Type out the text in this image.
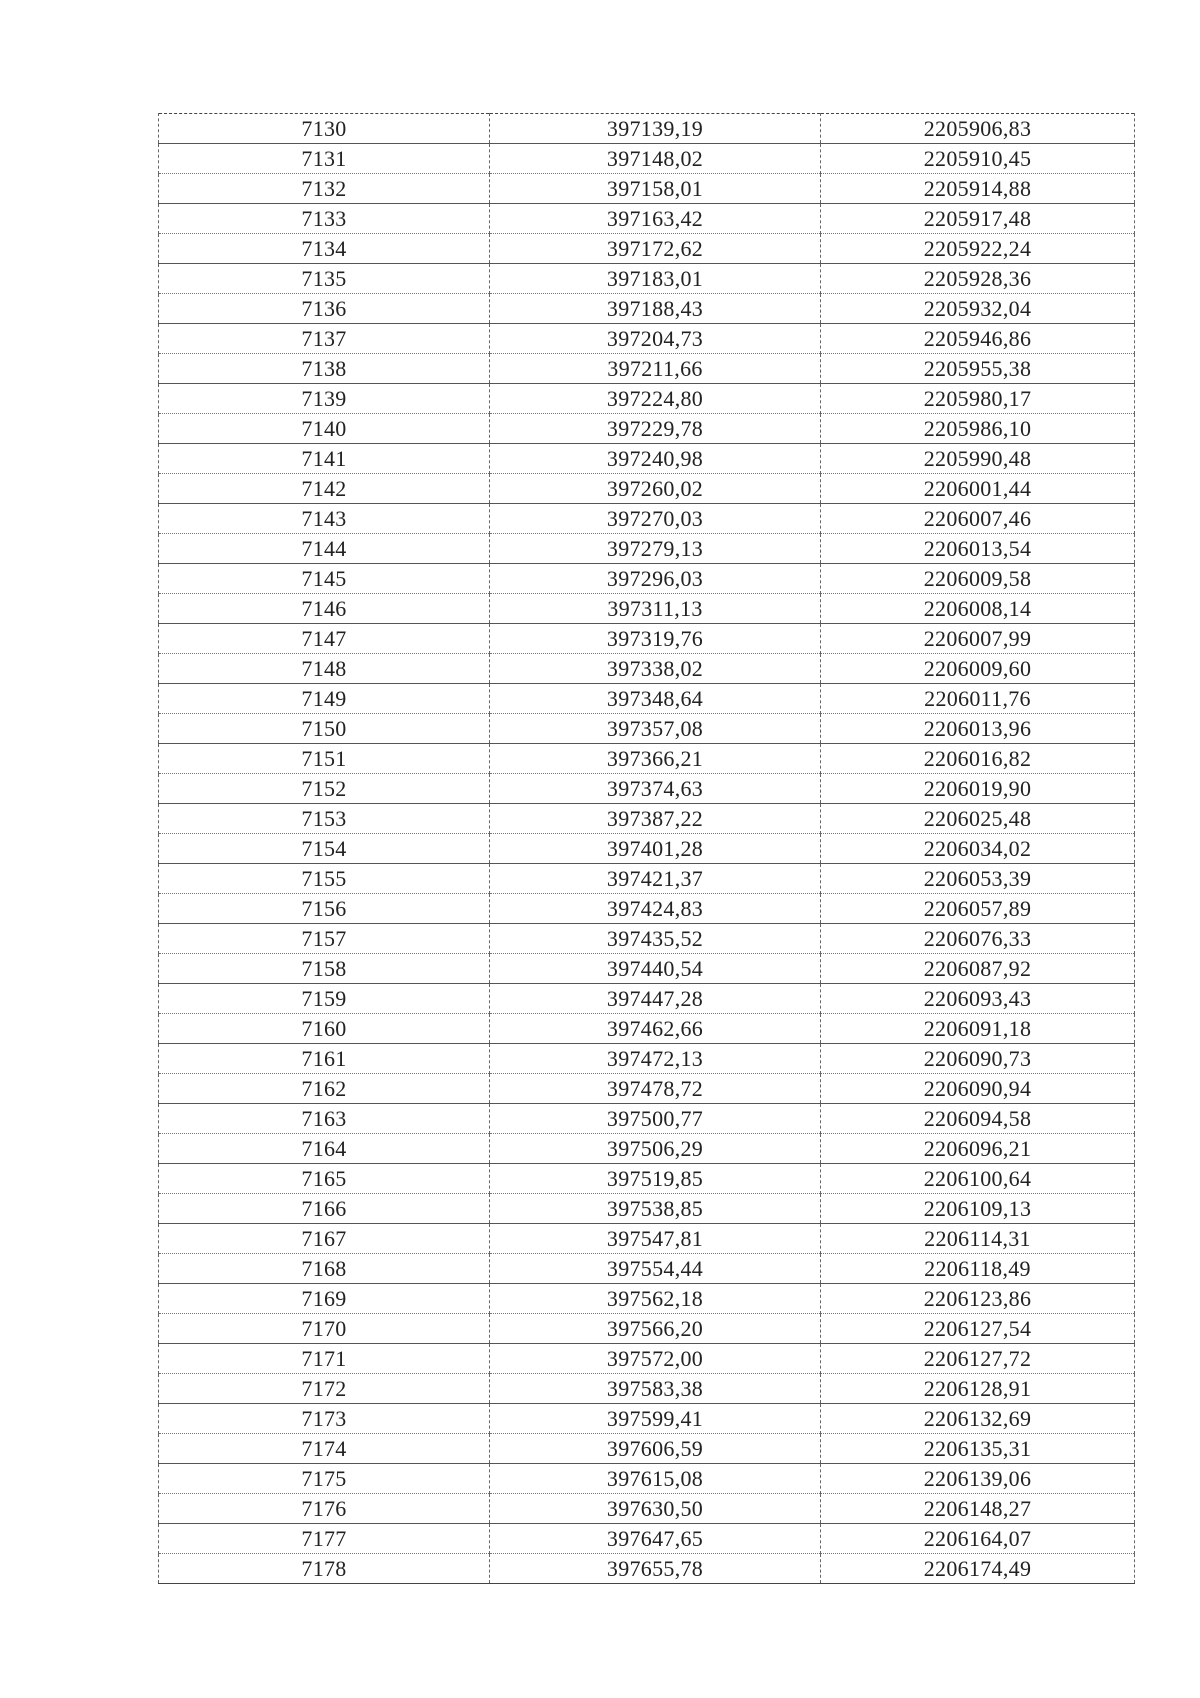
7130	397139,19	2205906,83
7131	397148,02	2205910,45
7132	397158,01	2205914,88
7133	397163,42	2205917,48
7134	397172,62	2205922,24
7135	397183,01	2205928,36
7136	397188,43	2205932,04
7137	397204,73	2205946,86
7138	397211,66	2205955,38
7139	397224,80	2205980,17
7140	397229,78	2205986,10
7141	397240,98	2205990,48
7142	397260,02	2206001,44
7143	397270,03	2206007,46
7144	397279,13	2206013,54
7145	397296,03	2206009,58
7146	397311,13	2206008,14
7147	397319,76	2206007,99
7148	397338,02	2206009,60
7149	397348,64	2206011,76
7150	397357,08	2206013,96
7151	397366,21	2206016,82
7152	397374,63	2206019,90
7153	397387,22	2206025,48
7154	397401,28	2206034,02
7155	397421,37	2206053,39
7156	397424,83	2206057,89
7157	397435,52	2206076,33
7158	397440,54	2206087,92
7159	397447,28	2206093,43
7160	397462,66	2206091,18
7161	397472,13	2206090,73
7162	397478,72	2206090,94
7163	397500,77	2206094,58
7164	397506,29	2206096,21
7165	397519,85	2206100,64
7166	397538,85	2206109,13
7167	397547,81	2206114,31
7168	397554,44	2206118,49
7169	397562,18	2206123,86
7170	397566,20	2206127,54
7171	397572,00	2206127,72
7172	397583,38	2206128,91
7173	397599,41	2206132,69
7174	397606,59	2206135,31
7175	397615,08	2206139,06
7176	397630,50	2206148,27
7177	397647,65	2206164,07
7178	397655,78	2206174,49
